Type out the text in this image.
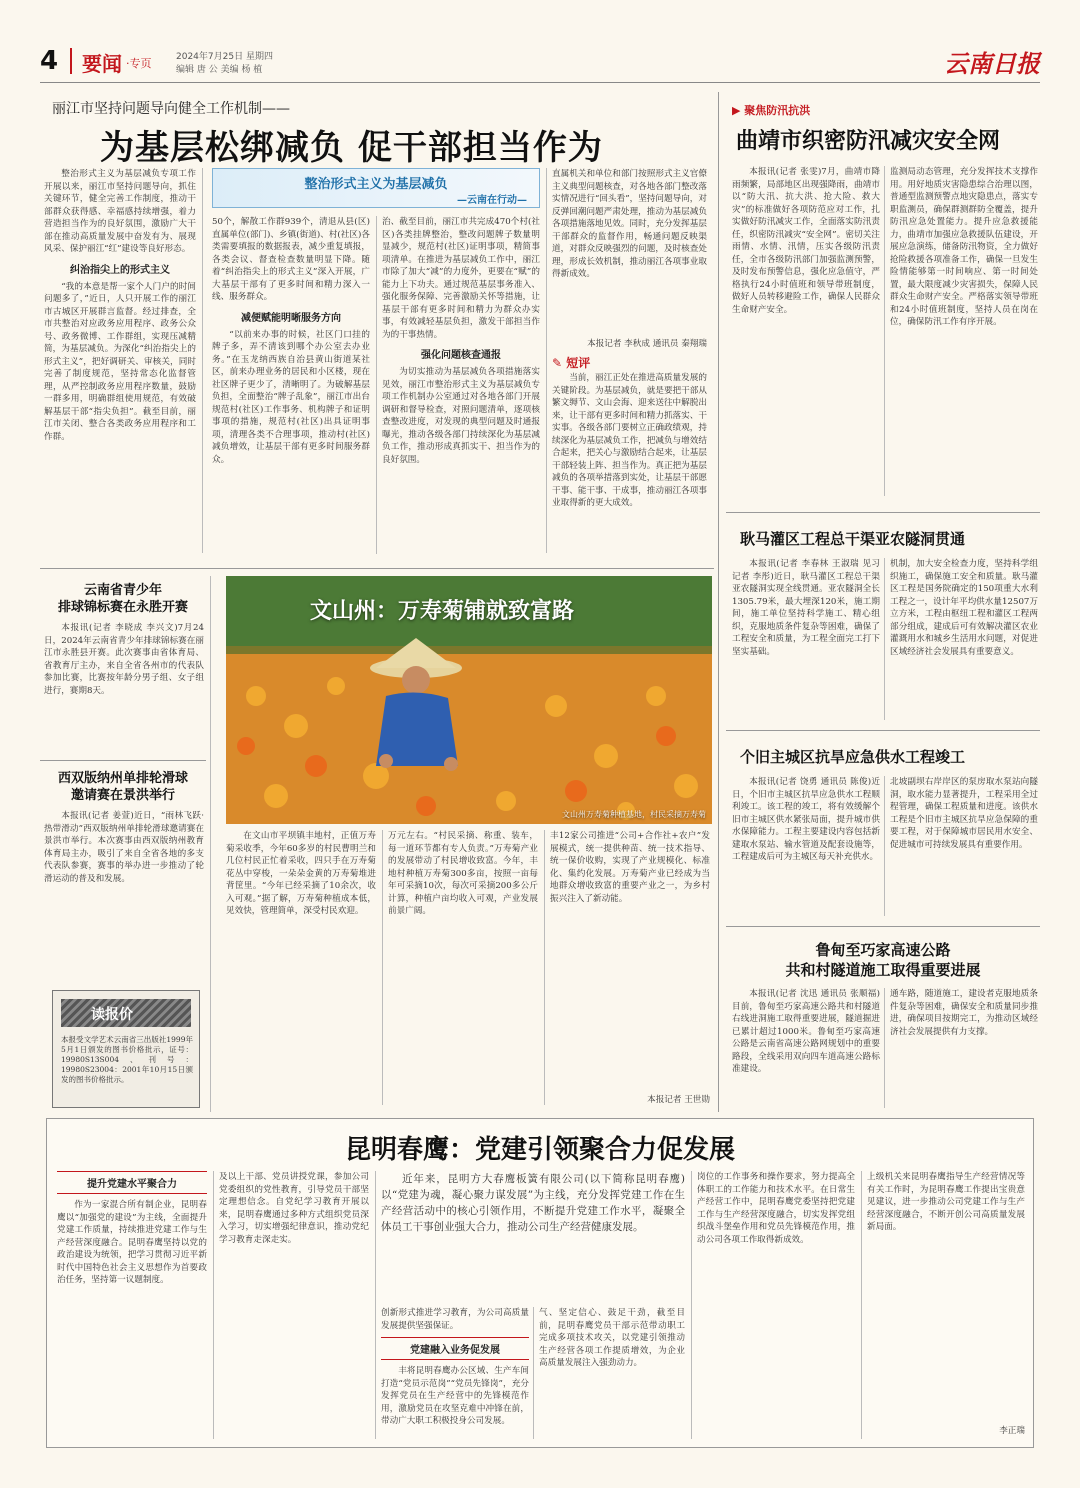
4 要闻 ·专页	2024年7月25日 星期四
编辑 唐 公 美编 杨 植	云南日报
丽江市坚持问题导向健全工作机制——
为基层松绑减负 促干部担当作为
整治形式主义为基层减负专项工作开展以来，丽江市坚持问题导向，抓住关键环节，健全完善工作制度，推动干部群众获得感、幸福感持续增强，着力营造担当作为的良好氛围，激励广大干部在推动高质量发展中奋发有为、展现风采、保护丽江“红”建设等良好形态。
纠治指尖上的形式主义
“我的本意是帮一家个人门户的时间问题多了，”近日，人只开展工作的丽江市古城区开展群言监督。经过排查，全市共整治对应政务应用程序、政务公众号、政务微博、工作群组，实现压减精简，为基层减负。为深化“纠治指尖上的形式主义”，把好调研关、审核关，同时完善了制度规范，坚持常态化监督管理，从严控制政务应用程序数量，鼓励一群多用，明确群组使用规范，有效破解基层干部“指尖负担”。截至目前，丽江市关闭、整合各类政务应用程序和工作群。
整治形式主义为基层减负
—云南在行动—
50个，解散工作群939个，清退从县(区)直属单位(部门)、乡镇(街道)、村(社区)各类需要填报的数据报表，减少重复填报，各类会议、督查检查数量明显下降。随着“纠治指尖上的形式主义”深入开展，广大基层干部有了更多时间和精力深入一线、服务群众。
减便赋能明晰服务方向
“以前来办事的时候，社区门口挂的牌子多，弄不清该到哪个办公室去办业务。”在玉龙纳西族自治县黄山街道某社区，前来办理业务的居民和小区楼，现在社区牌子更少了，清晰明了。为破解基层负担，全面整治“牌子乱象”，丽江市出台规范村(社区)工作事务、机构牌子和证明事项的措施，规范村(社区)出具证明事项，清理各类不合理事项，推动村(社区)减负增效，让基层干部有更多时间服务群众。
治、截至目前，丽江市共完成470个村(社区)各类挂牌整治，整改问题牌子数量明显减少，规范村(社区)证明事项，精简事项清单。在推进为基层减负工作中，丽江市除了加大“减”的力度外，更要在“赋”的能力上下功夫。通过规范基层事务准入、强化服务保障、完善激励关怀等措施，让基层干部有更多时间和精力为群众办实事，有效减轻基层负担，激发干部担当作为的干事热情。
强化问题核查通报
为切实推动为基层减负各项措施落实见效，丽江市整治形式主义为基层减负专项工作机制办公室通过对各地各部门开展调研和督导检查，对照问题清单，逐项核查整改进度，对发现的典型问题及时通报曝光，推动各级各部门持续深化为基层减负工作，推动形成真抓实干、担当作为的良好氛围。
直属机关和单位和部门按照形式主义官僚主义典型问题核查，对各地各部门整改落实情况进行“回头看”，坚持问题导向，对反弹回潮问题严肃处理，推动为基层减负各项措施落地见效。同时，充分发挥基层干部群众的监督作用，畅通问题反映渠道，对群众反映强烈的问题，及时核查处理，形成长效机制，推动丽江各项事业取得新成效。
本报记者 李秋成 通讯员 秦翔瑞
✎ 短评
当前，丽江正处在推进高质量发展的关键阶段。为基层减负，就是要把干部从繁文缛节、文山会海、迎来送往中解脱出来，让干部有更多时间和精力抓落实、干实事。各级各部门要树立正确政绩观，持续深化为基层减负工作，把减负与增效结合起来，把关心与激励结合起来，让基层干部轻装上阵、担当作为。真正把为基层减负的各项举措落到实处，让基层干部愿干事、能干事、干成事，推动丽江各项事业取得新的更大成效。
▶ 聚焦防汛抗洪
曲靖市织密防汛减灾安全网
本报讯(记者 张雯)7月，曲靖市降雨频繁，局部地区出现强降雨，曲靖市以“防大汛、抗大洪、抢大险、救大灾”的标准做好各项防范应对工作，扎实做好防汛减灾工作，全面落实防汛责任，织密防汛减灾“安全网”。密切关注雨情、水情、汛情，压实各级防汛责任，全市各级防汛部门加强监测预警，及时发布预警信息，强化应急值守，严格执行24小时值班和领导带班制度，做好人员转移避险工作，确保人民群众生命财产安全。
监测局动态管理，充分发挥技术支撑作用。用好地质灾害隐患综合治理以图，普通型监测预警点地灾隐患点，落实专职监测员，确保群测群防全覆盖，提升防汛应急处置能力。提升应急救援能力，曲靖市加强应急救援队伍建设，开展应急演练，储备防汛物资，全力做好抢险救援各项准备工作，确保一旦发生险情能够第一时间响应、第一时间处置，最大限度减少灾害损失，保障人民群众生命财产安全。严格落实领导带班和24小时值班制度，坚持人员在岗在位，确保防汛工作有序开展。
耿马灌区工程总干渠亚农隧洞贯通
本报讯(记者 李春林 王淑瑞 见习记者 李彤)近日，耿马灌区工程总干渠亚农隧洞实现全线贯通。亚农隧洞全长1305.79米，最大埋深120米，施工期间，施工单位坚持科学施工、精心组织，克服地质条件复杂等困难，确保了工程安全和质量，为工程全面完工打下坚实基础。
机制，加大安全检查力度，坚持科学组织施工，确保施工安全和质量。耿马灌区工程是国务院确定的150项重大水利工程之一，设计年平均供水量12507万立方米，工程由枢纽工程和灌区工程两部分组成，建成后可有效解决灌区农业灌溉用水和城乡生活用水问题，对促进区域经济社会发展具有重要意义。
个旧主城区抗旱应急供水工程竣工
本报讯(记者 饶勇 通讯员 陈俊)近日，个旧市主城区抗旱应急供水工程顺利竣工。该工程的竣工，将有效缓解个旧市主城区供水紧张局面，提升城市供水保障能力。工程主要建设内容包括新建取水泵站、输水管道及配套设施等，工程建成后可为主城区每天补充供水。
北坡副坝右岸岸区的泵房取水泵站向隧洞，取水能力显著提升，工程采用全过程管理，确保工程质量和进度。该供水工程是个旧市主城区抗旱应急保障的重要工程，对于保障城市居民用水安全、促进城市可持续发展具有重要作用。
鲁甸至巧家高速公路
共和村隧道施工取得重要进展
本报讯(记者 沈迅 通讯员 张顺福)目前，鲁甸至巧家高速公路共和村隧道右线进洞施工取得重要进展，隧道掘进已累计超过1000米。鲁甸至巧家高速公路是云南省高速公路网规划中的重要路段，全线采用双向四车道高速公路标准建设。
通车路，随道施工，建设者克服地质条件复杂等困难，确保安全和质量同步推进，确保项目按期完工，为推动区域经济社会发展提供有力支撑。
云南省青少年
排球锦标赛在永胜开赛
本报讯(记者 李晓成 李兴文)7月24日，2024年云南省青少年排球锦标赛在丽江市永胜县开赛。此次赛事由省体育局、省教育厅主办，来自全省各州市的代表队参加比赛，比赛按年龄分男子组、女子组进行，赛期8天。
西双版纳州单排轮滑球
邀请赛在景洪举行
本报讯(记者 姜萱)近日，“雨林飞跃·热带滑动”西双版纳州单排轮滑球邀请赛在景洪市举行。本次赛事由西双版纳州教育体育局主办，吸引了来自全省各地的多支代表队参赛，赛事的举办进一步推动了轮滑运动的普及和发展。
读报价
本报受文学艺术云南省三出版社1999年5月1日颁发的图书价格批示，证号：19980S13S004、刊号：19980S23004：2001年10月15日颁发的图书价格批示。
文山州：万寿菊铺就致富路
文山州万寿菊种植基地，村民采摘万寿菊
在文山市平坝镇丰地村，正值万寿菊采收季，今年60多岁的村民曹明兰和几位村民正忙着采收，四只手在万寿菊花丛中穿梭，一朵朵金黄的万寿菊堆进背筐里。“今年已经采摘了10余次，收入可观。”据了解，万寿菊种植成本低，见效快，管理简单，深受村民欢迎。
万元左右。“村民采摘、称重、装车，每一道环节都有专人负责。”万寿菊产业的发展带动了村民增收致富。今年，丰地村种植万寿菊300多亩，按照一亩每年可采摘10次，每次可采摘200多公斤计算，种植户亩均收入可观，产业发展前景广阔。
丰12家公司推进“公司+合作社+农户”发展模式，统一提供种苗、统一技术指导、统一保价收购，实现了产业规模化、标准化、集约化发展。万寿菊产业已经成为当地群众增收致富的重要产业之一，为乡村振兴注入了新动能。
本报记者 王世勋
昆明春鹰：党建引领聚合力促发展
提升党建水平聚合力
作为一家混合所有制企业，昆明春鹰以“加强党的建设”为主线，全面提升党建工作质量，持续推进党建工作与生产经营深度融合。昆明春鹰坚持以党的政治建设为统领，把学习贯彻习近平新时代中国特色社会主义思想作为首要政治任务，坚持第一议题制度。
及以上干部、党员讲授党课，参加公司党委组织的党性教育，引导党员干部坚定理想信念。自党纪学习教育开展以来，昆明春鹰通过多种方式组织党员深入学习，切实增强纪律意识，推动党纪学习教育走深走实。
近年来，昆明方大春鹰板簧有限公司(以下简称昆明春鹰)以“党建为魂，凝心聚力谋发展”为主线，充分发挥党建工作在生产经营活动中的核心引领作用，不断提升党建工作水平，凝聚全体员工干事创业强大合力，推动公司生产经营健康发展。
创新形式推进学习教育，为公司高质量发展提供坚强保证。
党建融入业务促发展
丰将昆明春鹰办公区域、生产车间打造“党员示范岗”“党员先锋岗”，充分发挥党员在生产经营中的先锋模范作用，激励党员在攻坚克难中冲锋在前，带动广大职工积极投身公司发展。
气、坚定信心、鼓足干劲，截至目前，昆明春鹰党员干部示范带动职工完成多项技术攻关，以党建引领推动生产经营各项工作提质增效，为企业高质量发展注入强劲动力。
岗位的工作事务和操作要求，努力提高全体职工的工作能力和技术水平。在日常生产经营工作中，昆明春鹰党委坚持把党建工作与生产经营深度融合，切实发挥党组织战斗堡垒作用和党员先锋模范作用，推动公司各项工作取得新成效。
上级机关来昆明春鹰指导生产经营情况等有关工作时，为昆明春鹰工作提出宝贵意见建议，进一步推动公司党建工作与生产经营深度融合，不断开创公司高质量发展新局面。
李正瑞
